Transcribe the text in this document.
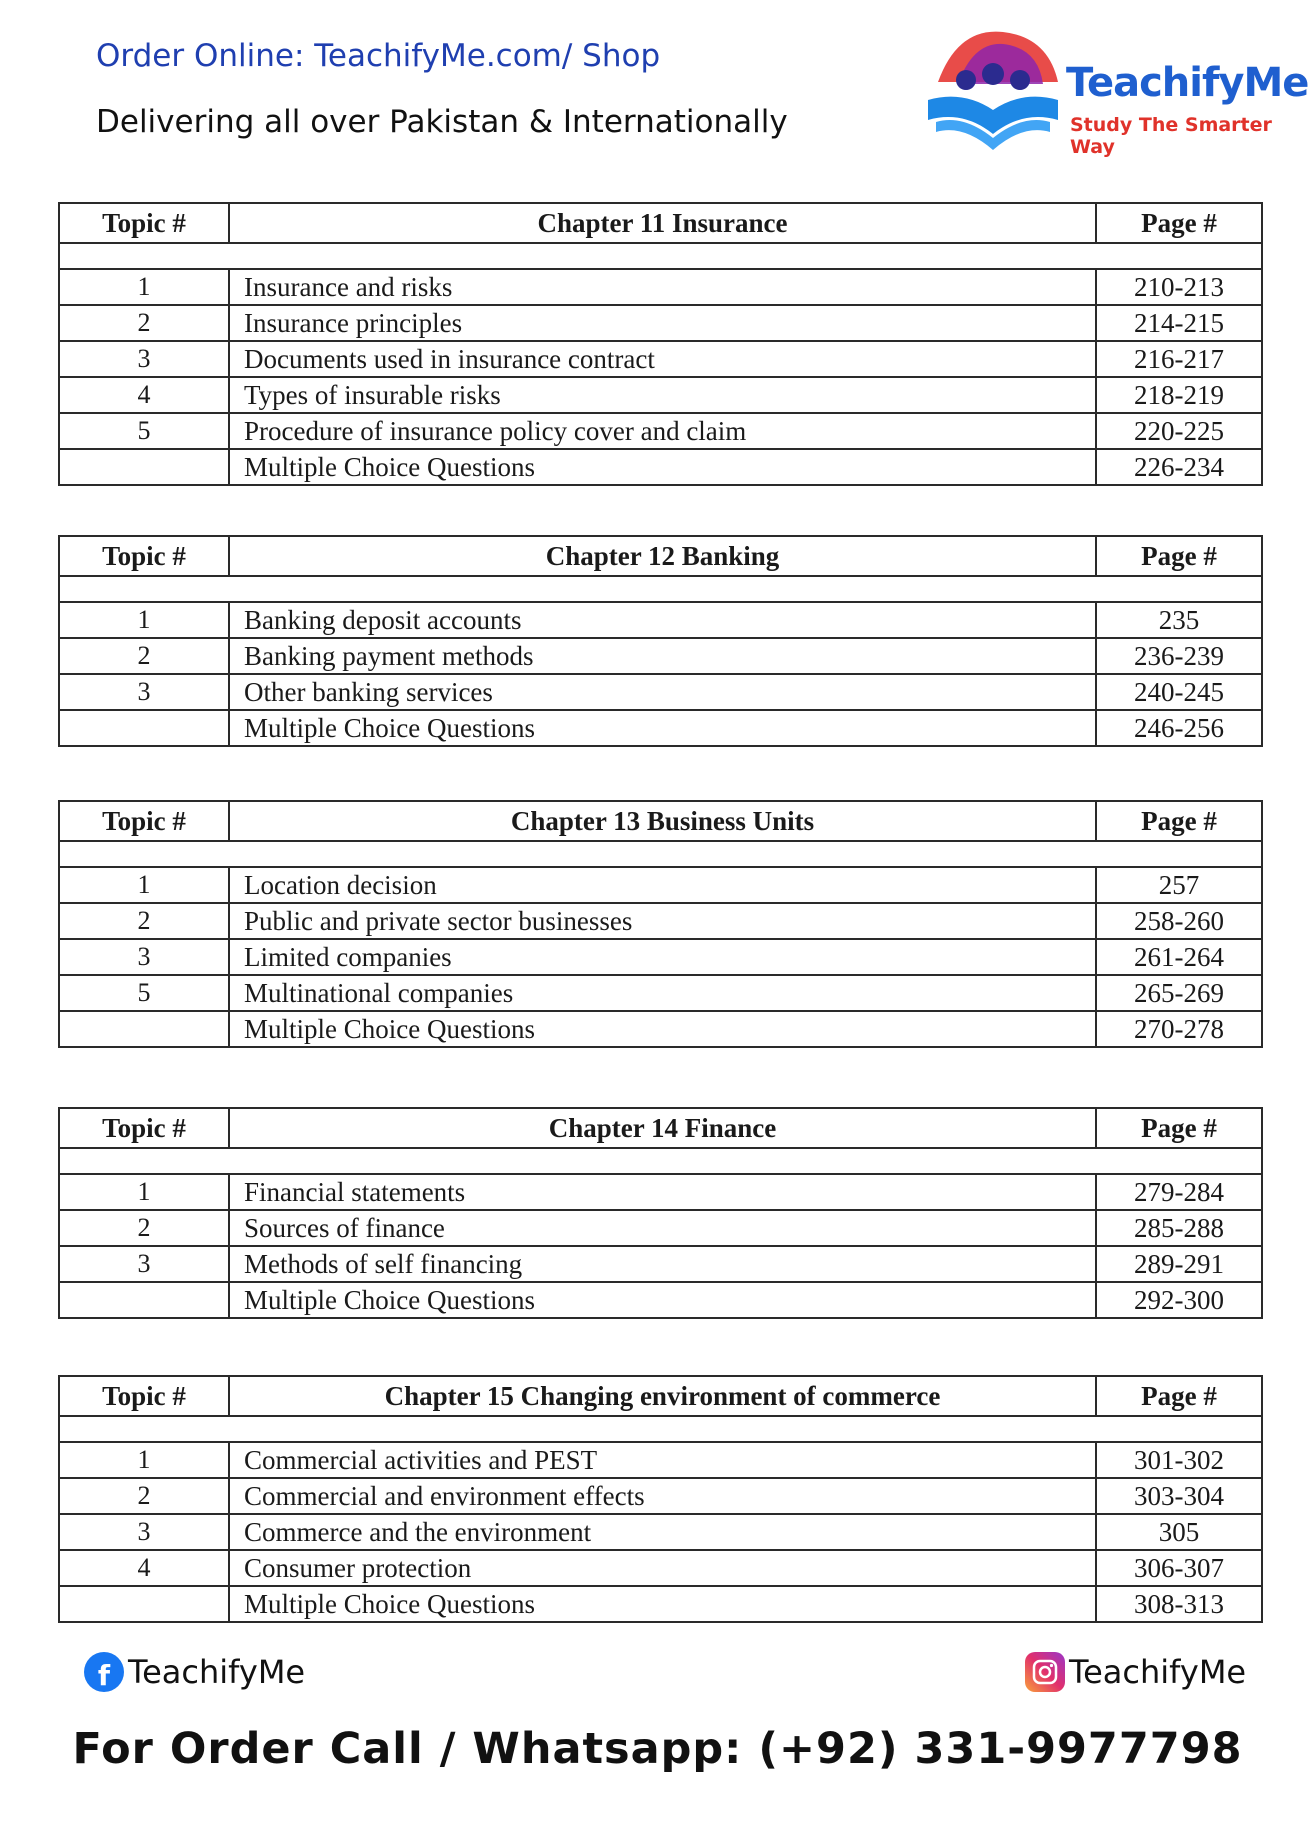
Order Online: TeachifyMe.com/ Shop
Delivering all over Pakistan & Internationally
TeachifyMe
Study The Smarter Way
Topic #	Chapter 11 Insurance	Page #

1	Insurance and risks	210-213
2	Insurance principles	214-215
3	Documents used in insurance contract	216-217
4	Types of insurable risks	218-219
5	Procedure of insurance policy cover and claim	220-225
	Multiple Choice Questions	226-234
Topic #	Chapter 12 Banking	Page #

1	Banking deposit accounts	235
2	Banking payment methods	236-239
3	Other banking services	240-245
	Multiple Choice Questions	246-256
Topic #	Chapter 13 Business Units	Page #

1	Location decision	257
2	Public and private sector businesses	258-260
3	Limited companies	261-264
5	Multinational companies	265-269
	Multiple Choice Questions	270-278
Topic #	Chapter 14 Finance	Page #

1	Financial statements	279-284
2	Sources of finance	285-288
3	Methods of self financing	289-291
	Multiple Choice Questions	292-300
Topic #	Chapter 15 Changing environment of commerce	Page #

1	Commercial activities and PEST	301-302
2	Commercial and environment effects	303-304
3	Commerce and the environment	305
4	Consumer protection	306-307
	Multiple Choice Questions	308-313
f TeachifyMe	TeachifyMe
For Order Call / Whatsapp: (+92) 331-9977798
